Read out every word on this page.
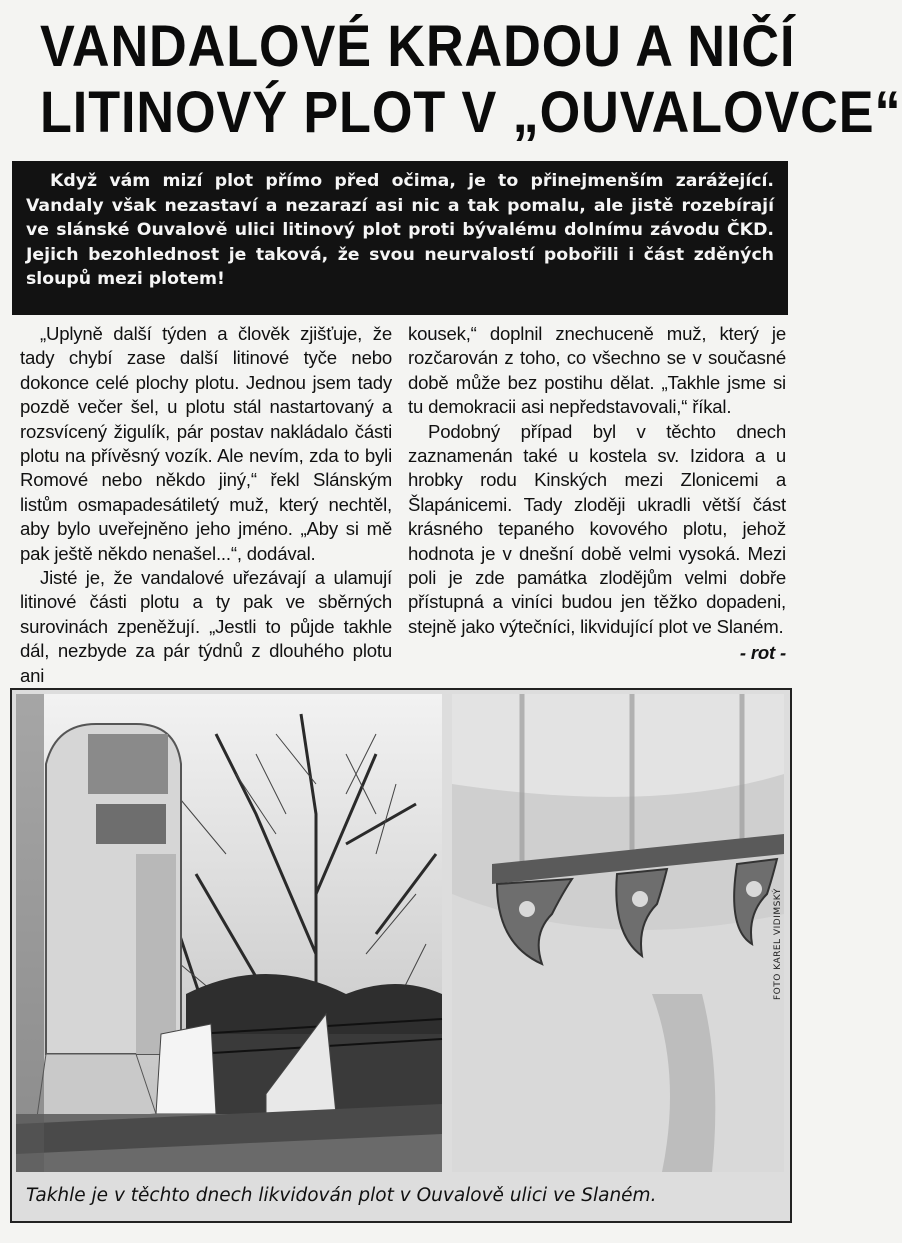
VANDALOVÉ KRADOU A NIČÍ
LITINOVÝ PLOT V „OUVALOVCE“
Když vám mizí plot přímo před očima, je to přinejmenším zarážející. Vandaly však nezastaví a nezarazí asi nic a tak pomalu, ale jistě rozebírají ve slánské Ouvalově ulici litinový plot proti bývalému dolnímu závodu ČKD. Jejich bezohlednost je taková, že svou neurvalostí pobořili i část zděných sloupů mezi plotem!

„Uplyně další týden a člověk zjišťuje, že tady chybí zase další litinové tyče nebo dokonce celé plochy plotu. Jednou jsem tady pozdě večer šel, u plotu stál nastartovaný a rozsvícený žigulík, pár postav nakládalo části plotu na přívěsný vozík. Ale nevím, zda to byli Romové nebo někdo jiný,“ řekl Slánským listům osmapadesátiletý muž, který nechtěl, aby bylo uveřejněno jeho jméno. „Aby si mě pak ještě někdo nenašel...“, dodával.

Jisté je, že vandalové uřezávají a ulamují litinové části plotu a ty pak ve sběrných surovinách zpeněžují. „Jestli to půjde takhle dál, nezbyde za pár týdnů z dlouhého plotu ani

kousek,“ doplnil znechuceně muž, který je rozčarován z toho, co všechno se v současné době může bez postihu dělat. „Takhle jsme si tu demokracii asi nepředstavovali,“ říkal.

Podobný případ byl v těchto dnech zaznamenán také u kostela sv. Izidora a u hrobky rodu Kinských mezi Zlonicemi a Šlapánicemi. Tady zloději ukradli větší část krásného tepaného kovového plotu, jehož hodnota je v dnešní době velmi vysoká. Mezi poli je zde památka zlodějům velmi dobře přístupná a viníci budou jen těžko dopadeni, stejně jako výtečníci, likvidující plot ve Slaném.

- rot -
FOTO KAREL VIDIMSKÝ
Takhle je v těchto dnech likvidován plot v Ouvalově ulici ve Slaném.
